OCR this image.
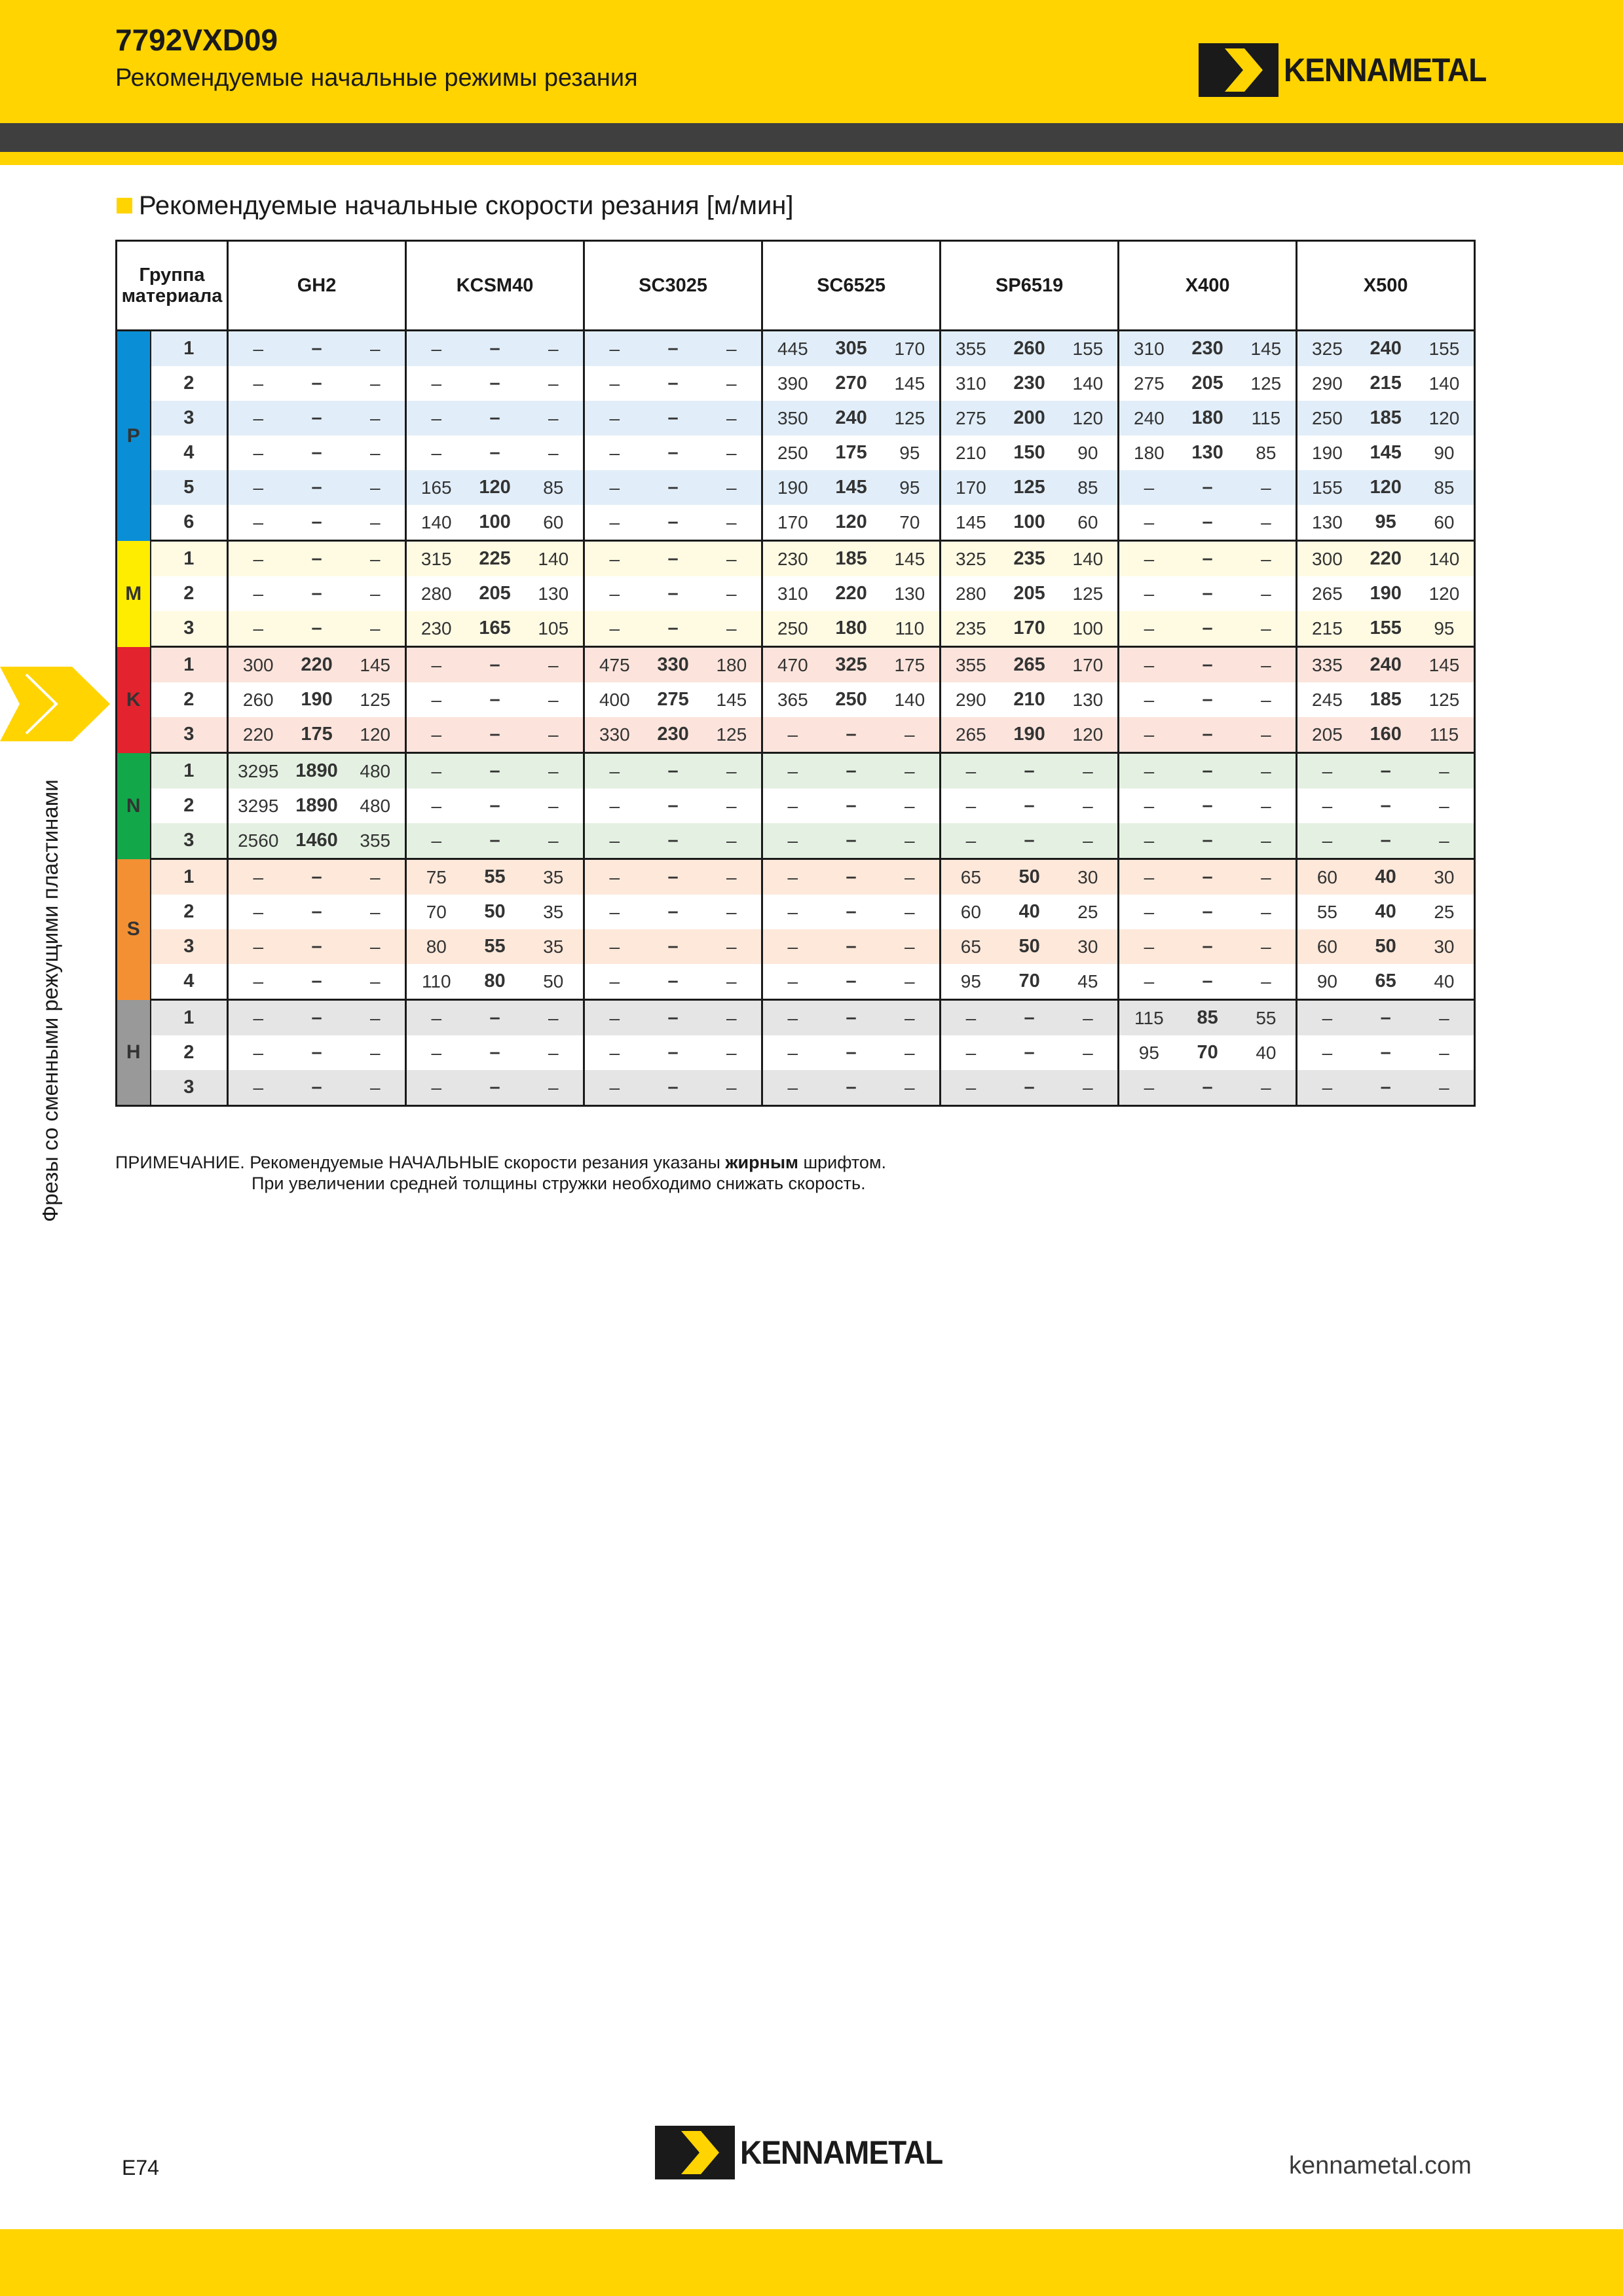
7792VXD09
Рекомендуемые начальные режимы резания	KENNAMETAL
Фрезы со сменными режущими пластинами
Рекомендуемые начальные скорости резания [м/мин]
Группа материала		GH2			KCSM40			SC3025			SC6525			SP6519			X400			X500		
P	1	–	–	–	–	–	–	–	–	–	445	305	170	355	260	155	310	230	145	325	240	155
	2	–	–	–	–	–	–	–	–	–	390	270	145	310	230	140	275	205	125	290	215	140
	3	–	–	–	–	–	–	–	–	–	350	240	125	275	200	120	240	180	115	250	185	120
	4	–	–	–	–	–	–	–	–	–	250	175	95	210	150	90	180	130	85	190	145	90
	5	–	–	–	165	120	85	–	–	–	190	145	95	170	125	85	–	–	–	155	120	85
	6	–	–	–	140	100	60	–	–	–	170	120	70	145	100	60	–	–	–	130	95	60
M	1	–	–	–	315	225	140	–	–	–	230	185	145	325	235	140	–	–	–	300	220	140
	2	–	–	–	280	205	130	–	–	–	310	220	130	280	205	125	–	–	–	265	190	120
	3	–	–	–	230	165	105	–	–	–	250	180	110	235	170	100	–	–	–	215	155	95
K	1	300	220	145	–	–	–	475	330	180	470	325	175	355	265	170	–	–	–	335	240	145
	2	260	190	125	–	–	–	400	275	145	365	250	140	290	210	130	–	–	–	245	185	125
	3	220	175	120	–	–	–	330	230	125	–	–	–	265	190	120	–	–	–	205	160	115
N	1	3295	1890	480	–	–	–	–	–	–	–	–	–	–	–	–	–	–	–	–	–	–
	2	3295	1890	480	–	–	–	–	–	–	–	–	–	–	–	–	–	–	–	–	–	–
	3	2560	1460	355	–	–	–	–	–	–	–	–	–	–	–	–	–	–	–	–	–	–
S	1	–	–	–	75	55	35	–	–	–	–	–	–	65	50	30	–	–	–	60	40	30
	2	–	–	–	70	50	35	–	–	–	–	–	–	60	40	25	–	–	–	55	40	25
	3	–	–	–	80	55	35	–	–	–	–	–	–	65	50	30	–	–	–	60	50	30
	4	–	–	–	110	80	50	–	–	–	–	–	–	95	70	45	–	–	–	90	65	40
H	1	–	–	–	–	–	–	–	–	–	–	–	–	–	–	–	115	85	55	–	–	–
	2	–	–	–	–	–	–	–	–	–	–	–	–	–	–	–	95	70	40	–	–	–
	3	–	–	–	–	–	–	–	–	–	–	–	–	–	–	–	–	–	–	–	–	–
ПРИМЕЧАНИЕ. Рекомендуемые НАЧАЛЬНЫЕ скорости резания указаны жирным шрифтом.
При увеличении средней толщины стружки необходимо снижать скорость.
E74	KENNAMETAL	kennametal.com
